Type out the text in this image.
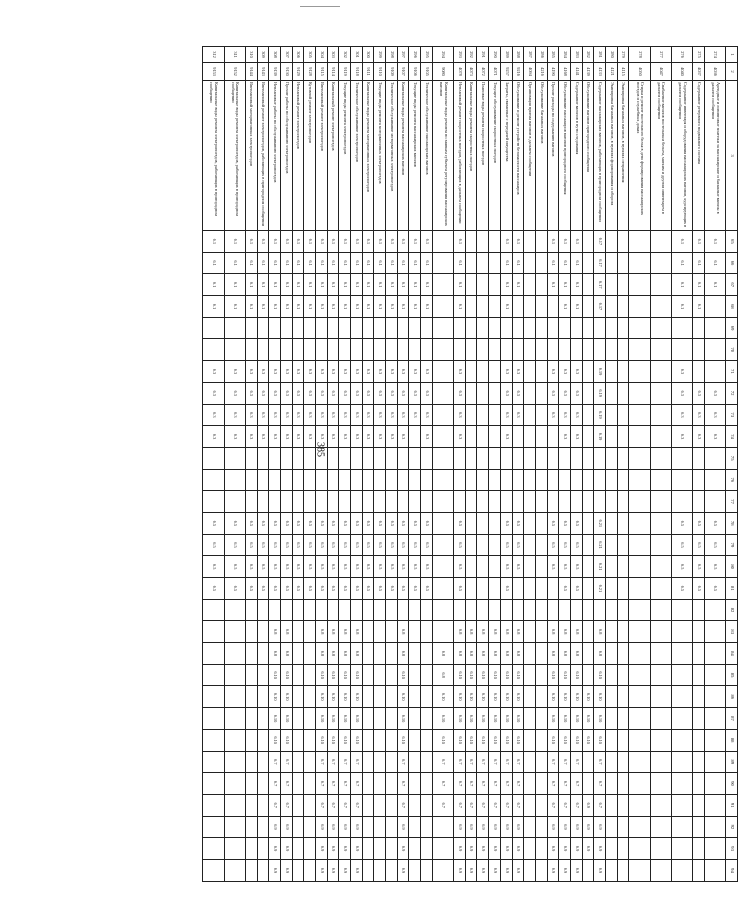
385
1	2	3	65	66	67	68	69	70	71	72	73	74	75	76	77	78	79	80	81	82	83	84	85	86	87	88	89	90	91	92	93	94
274	4036	Арендные и лизинговые платежи за пассажирские и багажные вагоны в дальнем сообщении	6.1	6.1	6.1					6.3	6.3	6.3				6.5	6.5	6.5	6.5													
275	4037	Содержание резервного подвижного состава	6.1	6.1	6.1	6.1				6.3	6.3	6.3				6.5	6.5	6.5	6.5													
276	4040	Содержание инвентаря и оборудования пассажирских вагонов, курсирующих в дальнем сообщении	6.1	6.1	6.1	6.1			6.3	6.3	6.3	6.3				6.5	6.5	6.5	6.5													
277	4047	Снабжение вагонов постельным бельем, мягким и другим инвентарем в дальнем сообщении																														
278	4050	Стирка и ремонт постельного белья в депо формирования пассажирских поездов и служебных домах																														
279	4115	Экипировка багажных вагонов, в пунктах отправления																														
280	4121	Экипировка багажных вагонов, в пунктах формирования и оборота																														
281	4133	Содержание пассажирских вагонов, работающих в пригородном сообщении	6.17	6.17	6.17	6.17			6.19	6.19	6.19	6.19				6.21	6.21	6.21	6.21		6.8	6.8	6.10	6.10	6.10	6.10	6.7	6.7	6.7	6.9	6.9	6.9
282	4139	Обслуживание вагонов пригородного сообщения																						6.10	6.10	6.10			6.9	6.9	6.9	
283	4141	Содержание вагонов в пути следования	6.1	6.1	6.1	6.1			6.3	6.3	6.3	6.3				6.5	6.5	6.5	6.5		6.8	6.8	6.10	6.10	6.10	6.10	6.7	6.7	6.7	6.9	6.9	6.9
284	4168	Обслуживание пассажиров вагонов пригородного сообщения	6.1	6.1	6.1	6.1			6.3	6.3	6.3	6.3				6.5	6.5	6.5	6.5		6.8	6.8	6.10	6.10	6.10	6.10	6.7	6.7	6.7	6.9	6.9	6.9
285	4190	Прочие расходы по содержанию вагонов	6.1	6.1	6.1				6.3	6.3	6.3					6.5	6.5	6.5			6.8	6.8	6.10	6.10	6.10	6.10	6.7	6.7	6.7	6.9	6.9	6.9
286	4216	Обслуживание багажных вагонов																														
287	4094	Организация приема вагонов в дальнем сообщении																														
288	9216	Обслуживание и ремонт устройств безопасности пассажиров	6.1	6.1	6.1				6.3	6.3	6.3					6.5	6.5	6.5			6.8	6.8	6.10	6.10	6.10	6.10	6.7	6.7	6.7	6.9	6.9	6.9
289	9257	Затраты, связанные с передачей имущества	6.1	6.1	6.1	6.1			6.3	6.3	6.3	6.3				6.5	6.5	6.5	6.5		6.8	6.8	6.10	6.10	6.10	6.10	6.7	6.7	6.7	6.9	6.9	6.9
290	4071	Текущее обслуживание скоростных поездов																			6.8	6.8	6.10	6.10	6.10	6.10	6.7	6.7	6.7	6.9	6.9	6.9
291	4072	Плановые виды ремонта скоростных поездов																			6.8	6.8	6.10	6.10	6.10	6.10	6.7	6.7	6.7	6.9	6.9	6.9
292	4073	Капитальные виды ремонта скоростных поездов																			6.8	6.8	6.10	6.10	6.10	6.10	6.7	6.7	6.7	6.9	6.9	6.9
293	4078	Неплановый ремонт скоростных поездов, работающих в дальнем сообщении	6.1	6.1	6.1	6.1			6.3	6.3	6.3	6.3				6.5	6.5	6.5	6.5		6.8	6.8	6.10	6.10	6.10	6.10	6.7	6.7	6.7	6.9	6.9	6.9
294	9080	Капитальные виды ремонта по заявкам субъекта регулирования пассажирских вагонов																				6.8	6.8	6.10	6.10	6.10	6.7	6.7	6.7			
295	9105	Техническое обслуживание пассажирских вагонов	6.1	6.1	6.1	6.1			6.3	6.3	6.3	6.3				6.5	6.5	6.5	6.5													
296	9106	Текущие виды ремонта пассажирских вагонов	6.1	6.1	6.1	6.1			6.3	6.3	6.3					6.5	6.5	6.5	6.5													
297	9107	Капитальные виды ремонта пассажирских вагонов	6.1	6.1	6.1	6.1			6.3	6.3	6.3	6.3				6.5	6.5	6.5	6.5		6.8	6.8	6.10	6.10	6.10	6.10	6.7	6.7	6.7	6.9	6.9	6.9
298	9109	Техническое обслуживание моторвагонных электропоездов	6.1	6.1	6.1	6.1			6.3	6.3	6.3	6.3				6.5	6.5	6.5	6.5													
299	9110	Текущие виды ремонта моторвагонных электропоездов	6.1	6.1	6.1	6.1			6.3	6.3	6.3	6.3				6.5	6.5	6.5	6.5													
300	9111	Капитальные виды ремонта моторвагонных электропоездов	6.1	6.1	6.1	6.1			6.3	6.3	6.3	6.3				6.5	6.5	6.5	6.5													
301	9118	Техническое обслуживание электропоездов	6.1	6.1	6.1	6.1			6.3	6.3	6.3	6.3				6.5	6.5	6.5	6.5		6.8	6.8	6.10	6.10	6.10	6.10	6.7	6.7	6.7	6.9	6.9	6.9
302	9119	Текущие виды ремонта электропоездов	6.1	6.1	6.1	6.1			6.3	6.3	6.3	6.3				6.5	6.5	6.5	6.5		6.8	6.8	6.10	6.10	6.10	6.10	6.7	6.7	6.7	6.9	6.9	6.9
303	9114	Капитальный ремонт электропоездов	6.1	6.1	6.1	6.1			6.3	6.3	6.3	6.3				6.5	6.5	6.5	6.5		6.8	6.8	6.10	6.10	6.10	6.10	6.7	6.7	6.7	6.9	6.9	6.9
304	9115	Внеплановый ремонт электропоездов	6.1	6.1	6.1	6.1			6.3	6.3	6.3	6.3				6.5	6.5	6.5	6.5		6.8	6.8	6.10	6.10	6.10	6.10	6.7	6.7	6.7	6.9	6.9	6.9
305	9128	Кузовной ремонт электропоездов	6.1	6.1	6.1	6.1			6.3	6.3	6.3	6.3				6.5	6.5	6.5	6.5													
306	9129	Неплановый ремонт электропоездов	6.1	6.1	6.1	6.1			6.3	6.3	6.3	6.3				6.5	6.5	6.5	6.5													
307	9130	Прочие работы по обслуживанию электропоездов	6.1	6.1	6.1	6.1			6.3	6.3	6.3	6.3				6.5	6.5	6.5	6.5		6.8	6.8	6.10	6.10	6.10	6.10	6.7	6.7	6.7	6.9	6.9	6.9
308	9139	Неплановые работы по обслуживанию электропоездов	6.1	6.1	6.1	6.1			6.3	6.3	6.3	6.3				6.5	6.5	6.5	6.5		6.8	6.8	6.10	6.10	6.10	6.10	6.7	6.7	6.7	6.9	6.9	6.9
309	9143	Внеплановый ремонт электропоездов, работающих в пригородном сообщении	6.1	6.1	6.1	6.1			6.3	6.3	6.3	6.3				6.5	6.5	6.5	6.5													
310	9144	Внеплановый моторвагонных электропоездов	6.1	6.1	6.1	6.1			6.3	6.3	6.3	6.3				6.5	6.5	6.5	6.5													
311	9152	Капитальные виды ремонта электропоездов, работающих в пригородном сообщении	6.1	6.1	6.1	6.1			6.3	6.3	6.3	6.3				6.5	6.5	6.5	6.5													
312	9153	Капитальные виды ремонта электропоездов, работающих в пригородном сообщении	6.1	6.1	6.1	6.1			6.3	6.3	6.3	6.3				6.5	6.5	6.5	6.5													
